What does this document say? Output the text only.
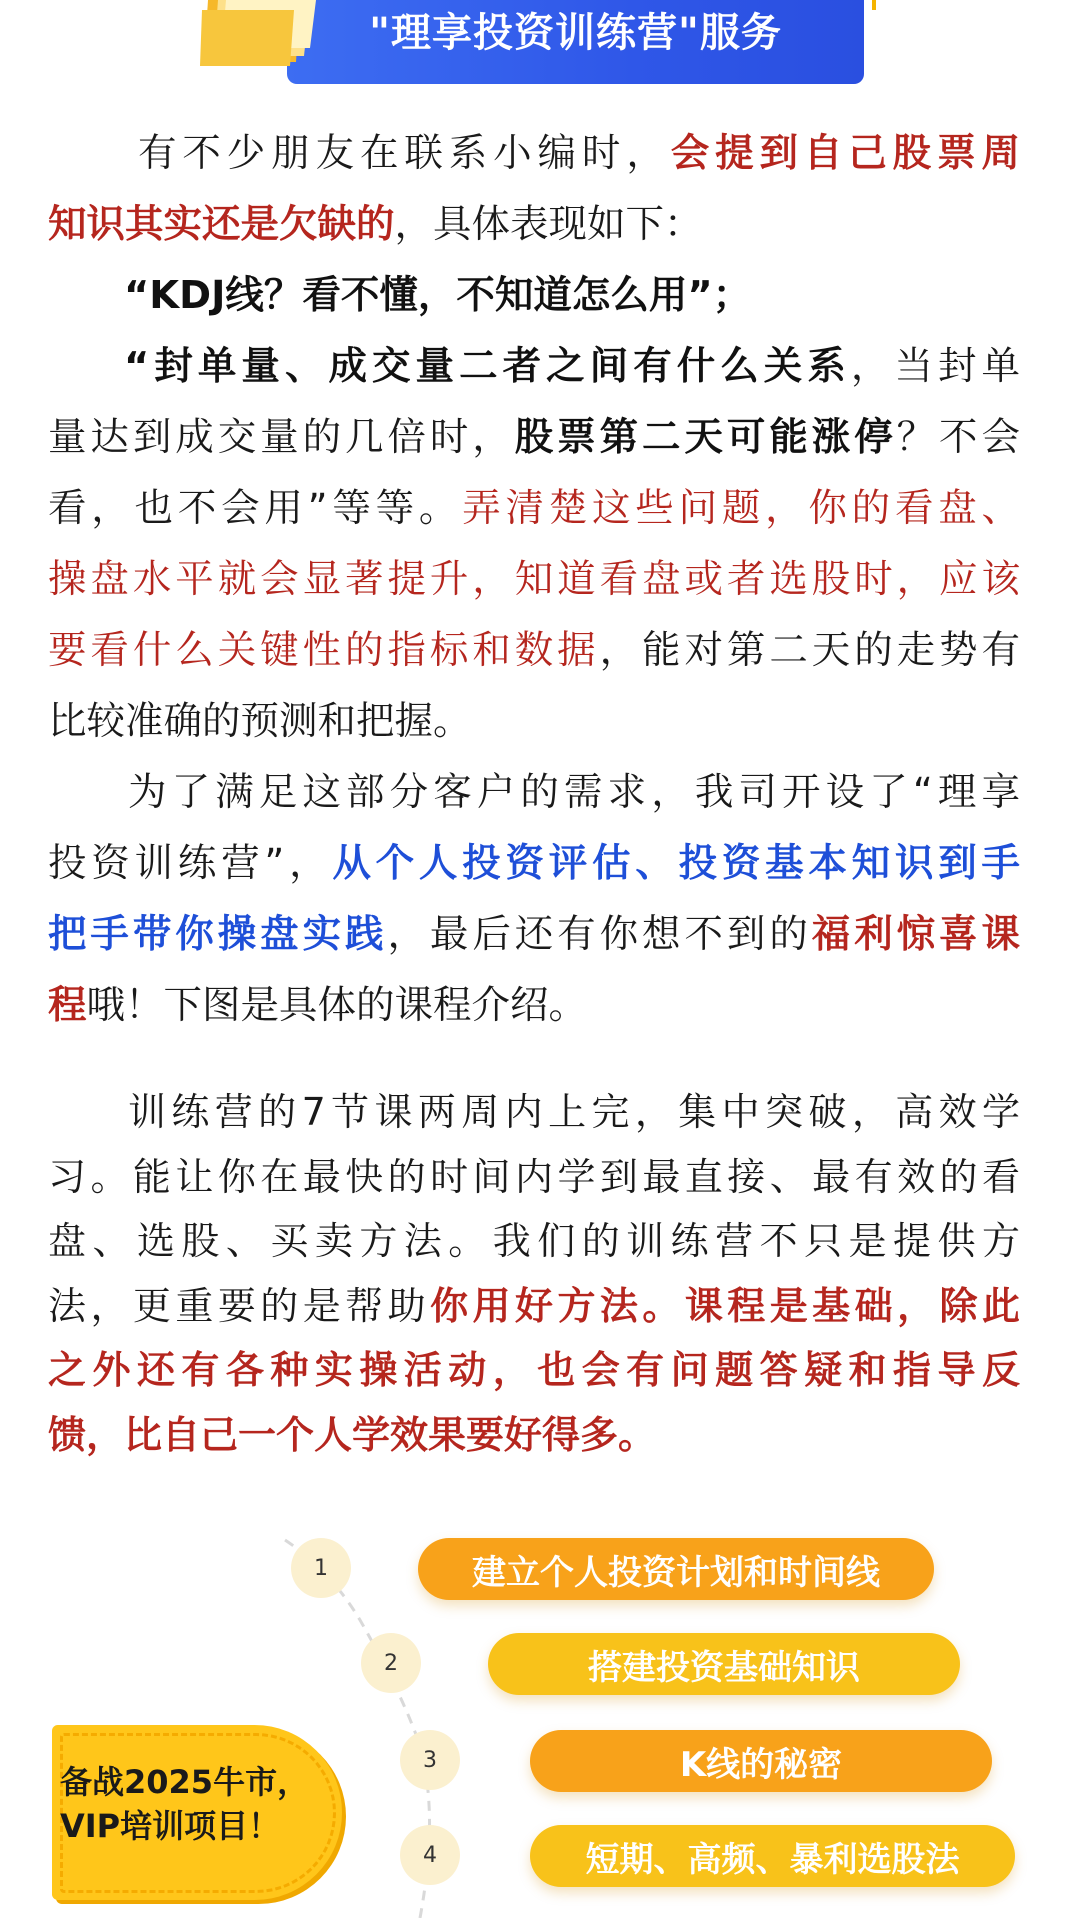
"理享投资训练营"服务
有不少朋友在联系小编时，会提到自己股票周
知识其实还是欠缺的，具体表现如下：
“KDJ线？看不懂，不知道怎么用”；
“封单量、成交量二者之间有什么关系，当封单
量达到成交量的几倍时，股票第二天可能涨停？不会
看，也不会用”等等。弄清楚这些问题，你的看盘、
操盘水平就会显著提升，知道看盘或者选股时，应该
要看什么关键性的指标和数据，能对第二天的走势有
比较准确的预测和把握。
为了满足这部分客户的需求，我司开设了“理享
投资训练营”，从个人投资评估、投资基本知识到手
把手带你操盘实践，最后还有你想不到的福利惊喜课
程哦！下图是具体的课程介绍。
训练营的7节课两周内上完，集中突破，高效学
习。能让你在最快的时间内学到最直接、最有效的看
盘、选股、买卖方法。我们的训练营不只是提供方
法，更重要的是帮助你用好方法。课程是基础，除此
之外还有各种实操活动，也会有问题答疑和指导反
馈，比自己一个人学效果要好得多。
1	建立个人投资计划和时间线
2	搭建投资基础知识
3	K线的秘密
4	短期、高频、暴利选股法
备战2025牛市，
VIP培训项目！
